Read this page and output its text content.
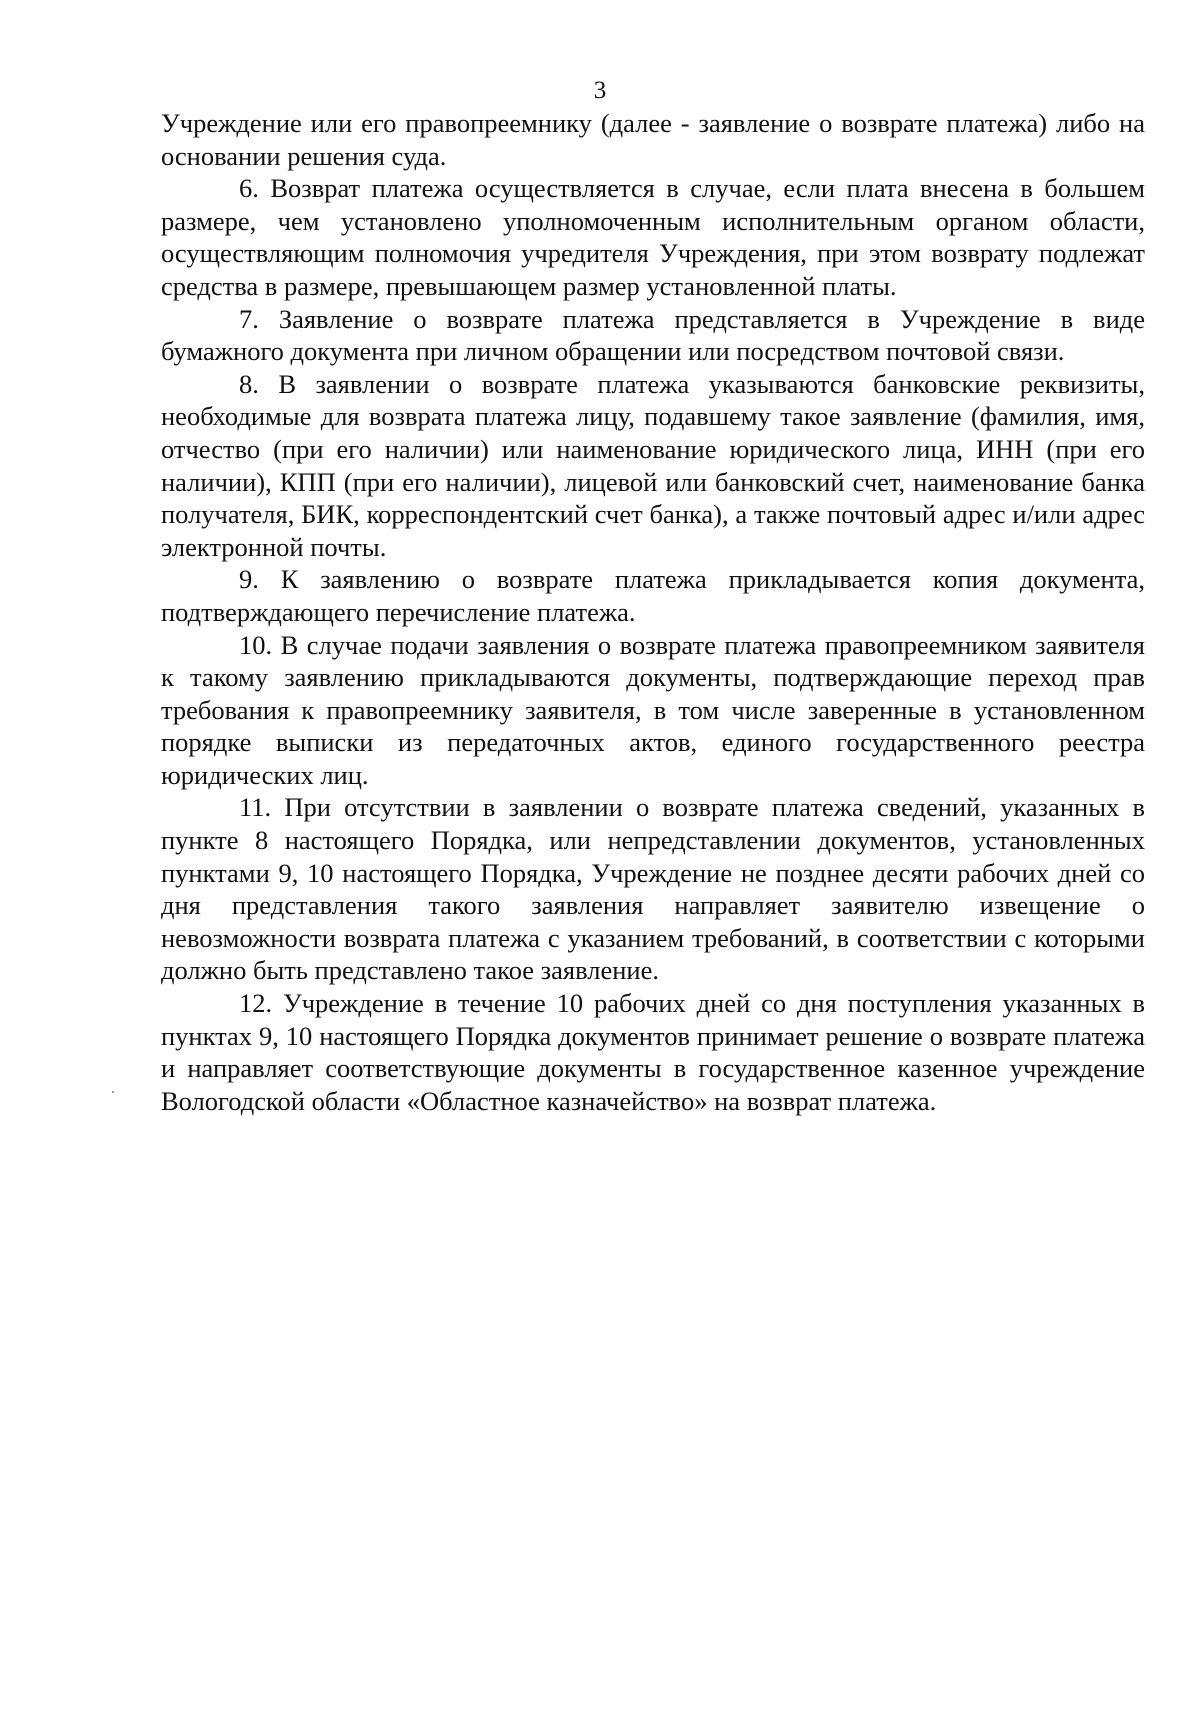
3

Учреждение или его правопреемнику (далее - заявление о возврате платежа) либо на основании решения суда.

6. Возврат платежа осуществляется в случае, если плата внесена в большем размере, чем установлено уполномоченным исполнительным органом области, осуществляющим полномочия учредителя Учреждения, при этом возврату подлежат средства в размере, превышающем размер установленной платы.

7. Заявление о возврате платежа представляется в Учреждение в виде бумажного документа при личном обращении или посредством почтовой связи.

8. В заявлении о возврате платежа указываются банковские реквизиты, необходимые для возврата платежа лицу, подавшему такое заявление (фамилия, имя, отчество (при его наличии) или наименование юридического лица, ИНН (при его наличии), КПП (при его наличии), лицевой или банковский счет, наименование банка получателя, БИК, корреспондентский счет банка), а также почтовый адрес и/или адрес электронной почты.

9. К заявлению о возврате платежа прикладывается копия документа, подтверждающего перечисление платежа.

10. В случае подачи заявления о возврате платежа правопреемником заявителя к такому заявлению прикладываются документы, подтверждающие переход прав требования к правопреемнику заявителя, в том числе заверенные в установленном порядке выписки из передаточных актов, единого государственного реестра юридических лиц.

11. При отсутствии в заявлении о возврате платежа сведений, указанных в пункте 8 настоящего Порядка, или непредставлении документов, установленных пунктами 9, 10 настоящего Порядка, Учреждение не позднее десяти рабочих дней со дня представления такого заявления направляет заявителю извещение о невозможности возврата платежа с указанием требований, в соответствии с которыми должно быть представлено такое заявление.

12. Учреждение в течение 10 рабочих дней со дня поступления указанных в пунктах 9, 10 настоящего Порядка документов принимает решение о возврате платежа и направляет соответствующие документы в государственное казенное учреждение Вологодской области «Областное казначейство» на возврат платежа.
